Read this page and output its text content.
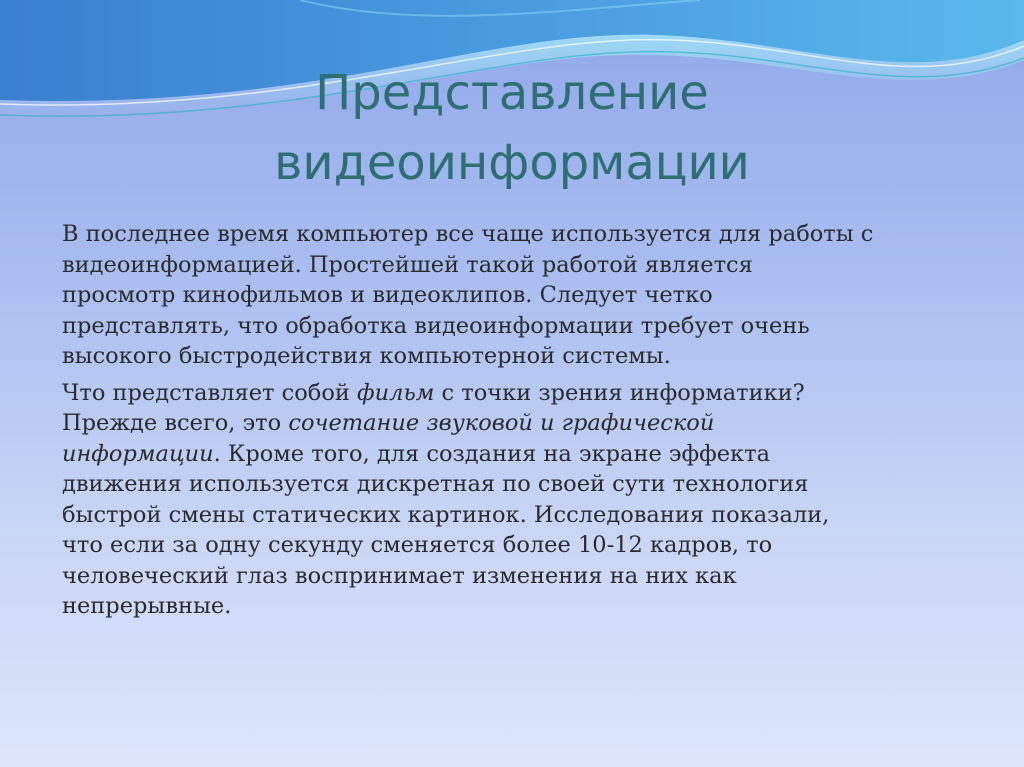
Представление
видеоинформации

В последнее время компьютер все чаще используется для работы с
видеоинформацией. Простейшей такой работой является
просмотр кинофильмов и видеоклипов. Следует четко
представлять, что обработка видеоинформации требует очень
высокого быстродействия компьютерной системы.

Что представляет собой фильм с точки зрения информатики?
Прежде всего, это сочетание звуковой и графической
информации. Кроме того, для создания на экране эффекта
движения используется дискретная по своей сути технология
быстрой смены статических картинок. Исследования показали,
что если за одну секунду сменяется более 10-12 кадров, то
человеческий глаз воспринимает изменения на них как
непрерывные.
